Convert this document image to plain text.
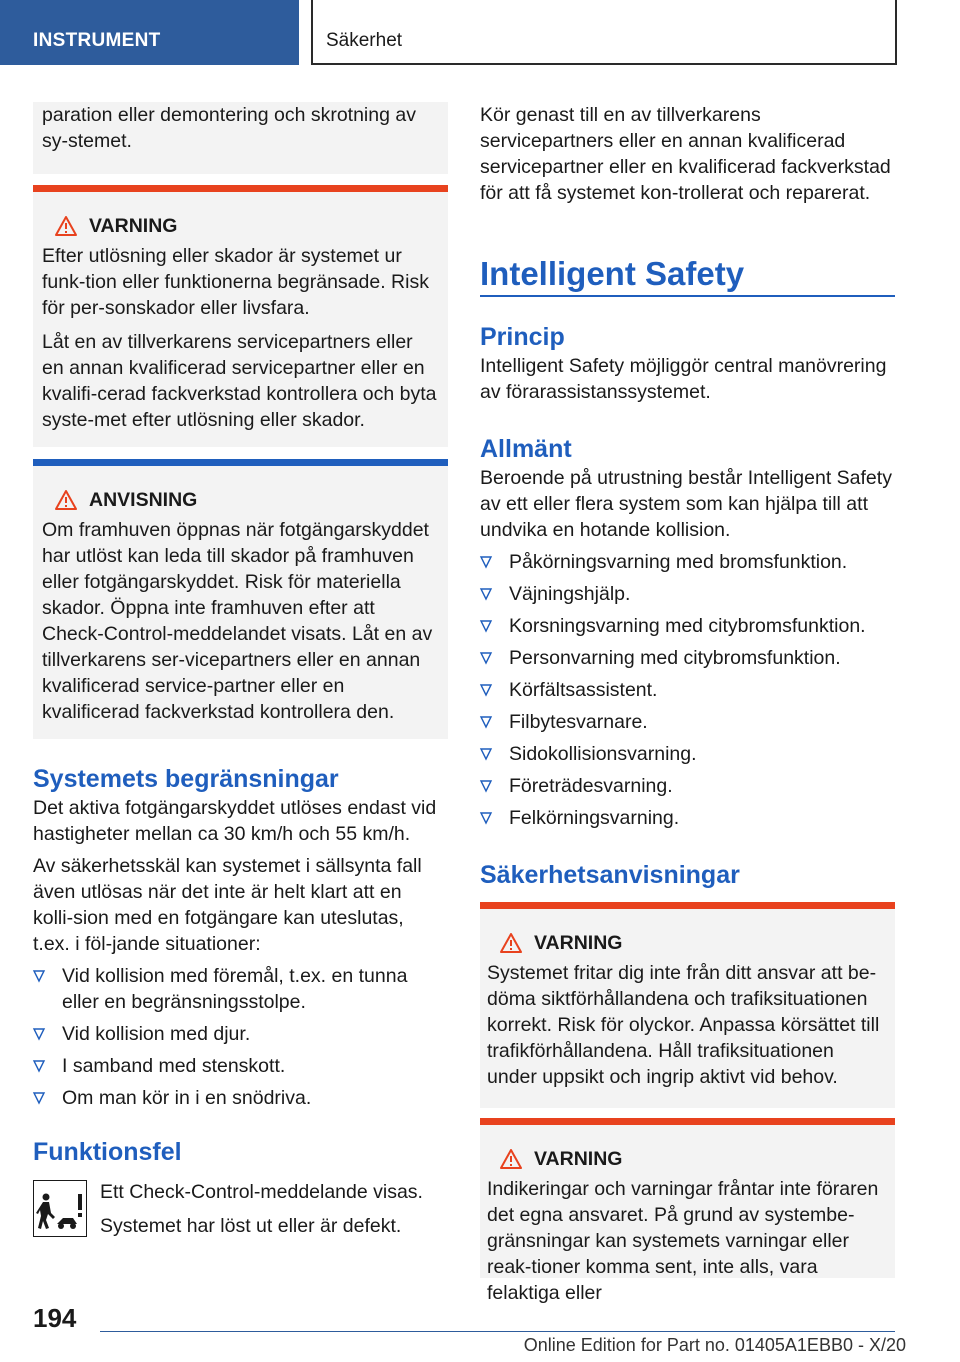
INSTRUMENT	Säkerhet

paration eller demontering och skrotning av sy-stemet.

VARNING

Efter utlösning eller skador är systemet ur funk-tion eller funktionerna begränsade. Risk för per-sonskador eller livsfara.

Låt en av tillverkarens servicepartners eller en annan kvalificerad servicepartner eller en kvalifi-cerad fackverkstad kontrollera och byta syste-met efter utlösning eller skador.

ANVISNING

Om framhuven öppnas när fotgängarskyddet har utlöst kan leda till skador på framhuven eller fotgängarskyddet. Risk för materiella skador. Öppna inte framhuven efter att Check-Control-meddelandet visats. Låt en av tillverkarens ser-vicepartners eller en annan kvalificerad service-partner eller en kvalificerad fackverkstad kontrollera den.

Systemets begränsningar

Det aktiva fotgängarskyddet utlöses endast vid hastigheter mellan ca 30 km/h och 55 km/h.

Av säkerhetsskäl kan systemet i sällsynta fall även utlösas när det inte är helt klart att en kolli-sion med en fotgängare kan uteslutas, t.ex. i föl-jande situationer:

Vid kollision med föremål, t.ex. en tunna eller en begränsningsstolpe.
Vid kollision med djur.
I samband med stenskott.
Om man kör in i en snödriva.
Funktionsfel

Ett Check-Control-meddelande visas.

Systemet har löst ut eller är defekt.

Kör genast till en av tillverkarens servicepartners eller en annan kvalificerad servicepartner eller en kvalificerad fackverkstad för att få systemet kon-trollerat och reparerat.

Intelligent Safety
Princip

Intelligent Safety möjliggör central manövrering av förarassistanssystemet.

Allmänt

Beroende på utrustning består Intelligent Safety av ett eller flera system som kan hjälpa till att undvika en hotande kollision.

Påkörningsvarning med bromsfunktion.
Väjningshjälp.
Korsningsvarning med citybromsfunktion.
Personvarning med citybromsfunktion.
Körfältsassistent.
Filbytesvarnare.
Sidokollisionsvarning.
Företrädesvarning.
Felkörningsvarning.
Säkerhetsanvisningar
VARNING

Systemet fritar dig inte från ditt ansvar att be-döma siktförhållandena och trafiksituationen korrekt. Risk för olyckor. Anpassa körsättet till trafikförhållandena. Håll trafiksituationen under uppsikt och ingrip aktivt vid behov.

VARNING

Indikeringar och varningar fråntar inte föraren det egna ansvaret. På grund av systembe-gränsningar kan systemets varningar eller reak-tioner komma sent, inte alls, vara felaktiga eller

194
Online Edition for Part no. 01405A1EBB0 - X/20
